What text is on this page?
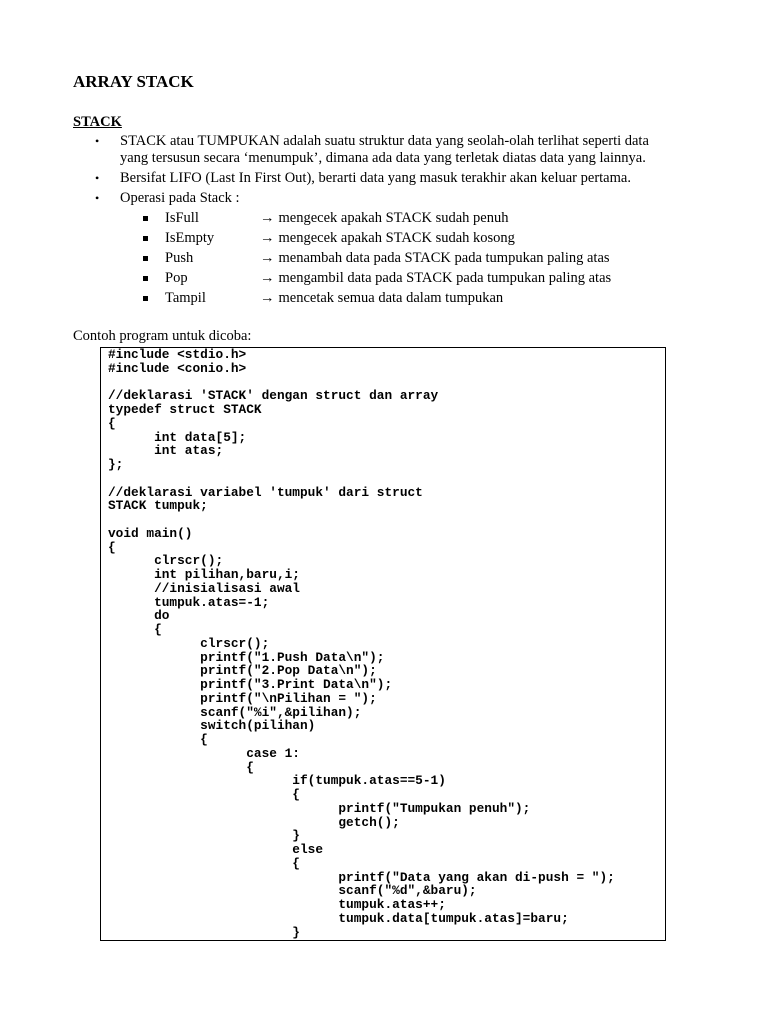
ARRAY STACK
STACK
• STACK atau TUMPUKAN adalah suatu struktur data yang seolah-olah terlihat seperti data
yang tersusun secara ‘menumpuk’, dimana ada data yang terletak diatas data yang lainnya.
• Bersifat LIFO (Last In First Out), berarti data yang masuk terakhir akan keluar pertama.
• Operasi pada Stack :
IsFull	→ mengecek apakah STACK sudah penuh
IsEmpty	→ mengecek apakah STACK sudah kosong
Push	→ menambah data pada STACK pada tumpukan paling atas
Pop	→ mengambil data pada STACK pada tumpukan paling atas
Tampil	→ mencetak semua data dalam tumpukan

Contoh program untuk dicoba:

#include <stdio.h>
#include <conio.h>

//deklarasi 'STACK' dengan struct dan array
typedef struct STACK
{
int data[5];
int atas;
};

//deklarasi variabel 'tumpuk' dari struct
STACK tumpuk;

void main()
{
clrscr();
int pilihan,baru,i;
//inisialisasi awal
tumpuk.atas=-1;
do
{
clrscr();
printf("1.Push Data\n");
printf("2.Pop Data\n");
printf("3.Print Data\n");
printf("\nPilihan = ");
scanf("%i",&pilihan);
switch(pilihan)
{
case 1:
{
if(tumpuk.atas==5-1)
{
printf("Tumpukan penuh");
getch();
}
else
{
printf("Data yang akan di-push = ");
scanf("%d",&baru);
tumpuk.atas++;
tumpuk.data[tumpuk.atas]=baru;
}
